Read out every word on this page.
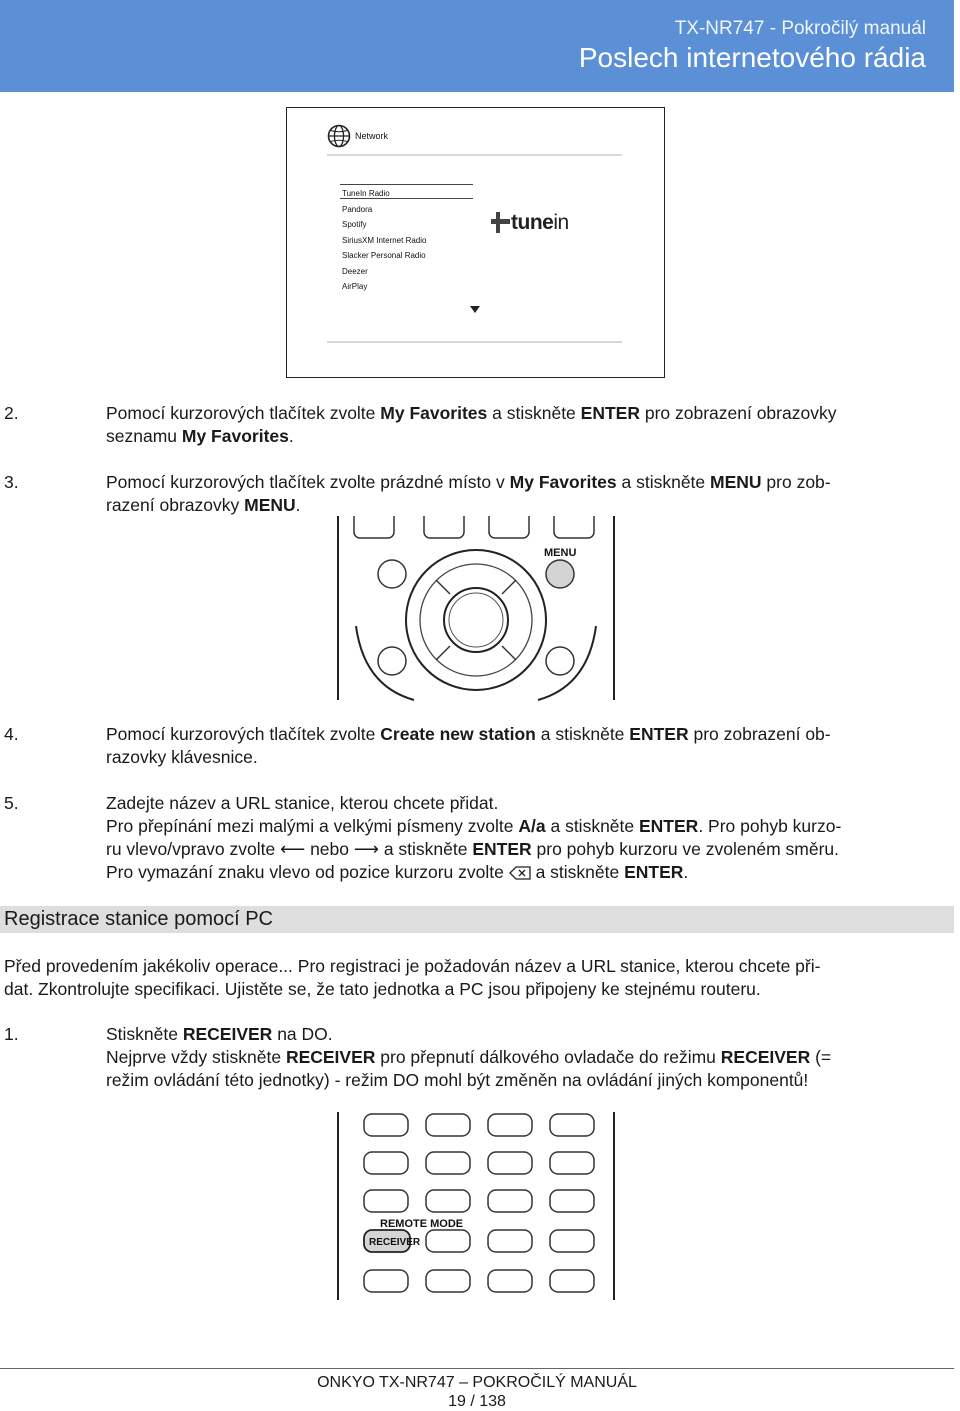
TX-NR747 - Pokročilý manuál
Poslech internetového rádia
Network
TuneIn Radio
Pandora
Spotify
SiriusXM Internet Radio
Slacker Personal Radio
Deezer
AirPlay
tunein
2.	Pomocí kurzorových tlačítek zvolte My Favorites a stiskněte ENTER pro zobrazení obrazovky
seznamu My Favorites.
3.	Pomocí kurzorových tlačítek zvolte prázdné místo v My Favorites a stiskněte MENU pro zob-
razení obrazovky MENU.
MENU
4.	Pomocí kurzorových tlačítek zvolte Create new station a stiskněte ENTER pro zobrazení ob-
razovky klávesnice.
5.	Zadejte název a URL stanice, kterou chcete přidat.
Pro přepínání mezi malými a velkými písmeny zvolte A/a a stiskněte ENTER. Pro pohyb kurzo-
ru vlevo/vpravo zvolte ⟵ nebo ⟶ a stiskněte ENTER pro pohyb kurzoru ve zvoleném směru.
Pro vymazání znaku vlevo od pozice kurzoru zvolte  a stiskněte ENTER.
Registrace stanice pomocí PC
Před provedením jakékoliv operace... Pro registraci je požadován název a URL stanice, kterou chcete při-
dat. Zkontrolujte specifikaci. Ujistěte se, že tato jednotka a PC jsou připojeny ke stejnému routeru.
1.	Stiskněte RECEIVER na DO.
Nejprve vždy stiskněte RECEIVER pro přepnutí dálkového ovladače do režimu RECEIVER (=
režim ovládání této jednotky) - režim DO mohl být změněn na ovládání jiných komponentů!
REMOTE MODE
RECEIVER
ONKYO TX-NR747 – POKROČILÝ MANUÁL
19 / 138
